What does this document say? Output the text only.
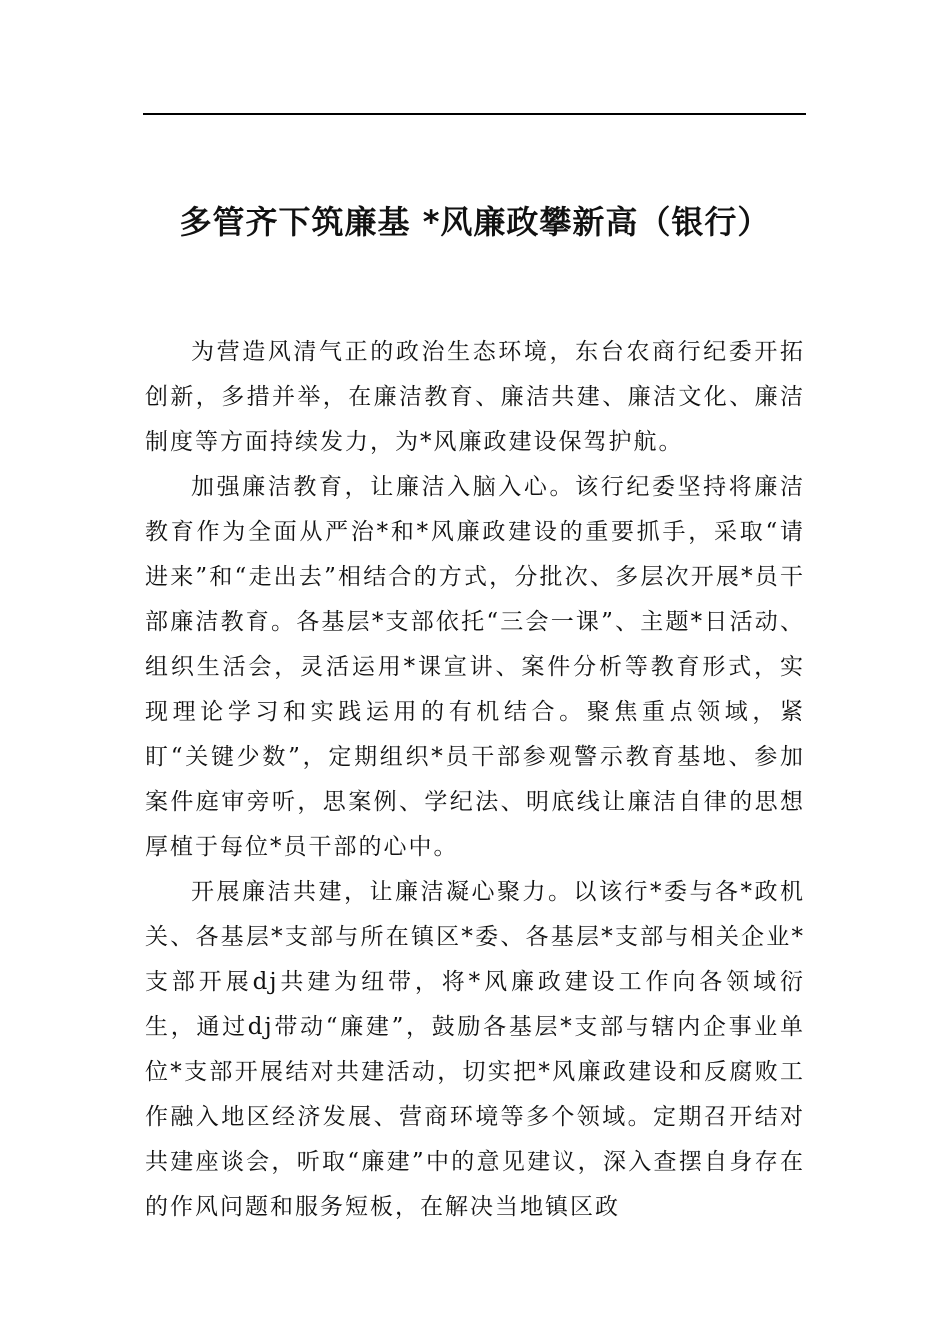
多管齐下筑廉基 *风廉政攀新高（银行）

为营造风清气正的政治生态环境，东台农商行纪委开拓创新，多措并举，在廉洁教育、廉洁共建、廉洁文化、廉洁制度等方面持续发力，为*风廉政建设保驾护航。

加强廉洁教育，让廉洁入脑入心。该行纪委坚持将廉洁教育作为全面从严治*和*风廉政建设的重要抓手，采取“请进来”和“走出去”相结合的方式，分批次、多层次开展*员干部廉洁教育。各基层*支部依托“三会一课”、主题*日活动、组织生活会，灵活运用*课宣讲、案件分析等教育形式，实现理论学习和实践运用的有机结合。聚焦重点领域，紧盯“关键少数”，定期组织*员干部参观警示教育基地、参加案件庭审旁听，思案例、学纪法、明底线让廉洁自律的思想厚植于每位*员干部的心中。

开展廉洁共建，让廉洁凝心聚力。以该行*委与各*政机关、各基层*支部与所在镇区*委、各基层*支部与相关企业*支部开展dj共建为纽带，将*风廉政建设工作向各领域衍生，通过dj带动“廉建”，鼓励各基层*支部与辖内企事业单位*支部开展结对共建活动，切实把*风廉政建设和反腐败工作融入地区经济发展、营商环境等多个领域。定期召开结对共建座谈会，听取“廉建”中的意见建议，深入查摆自身存在的作风问题和服务短板，在解决当地镇区政
